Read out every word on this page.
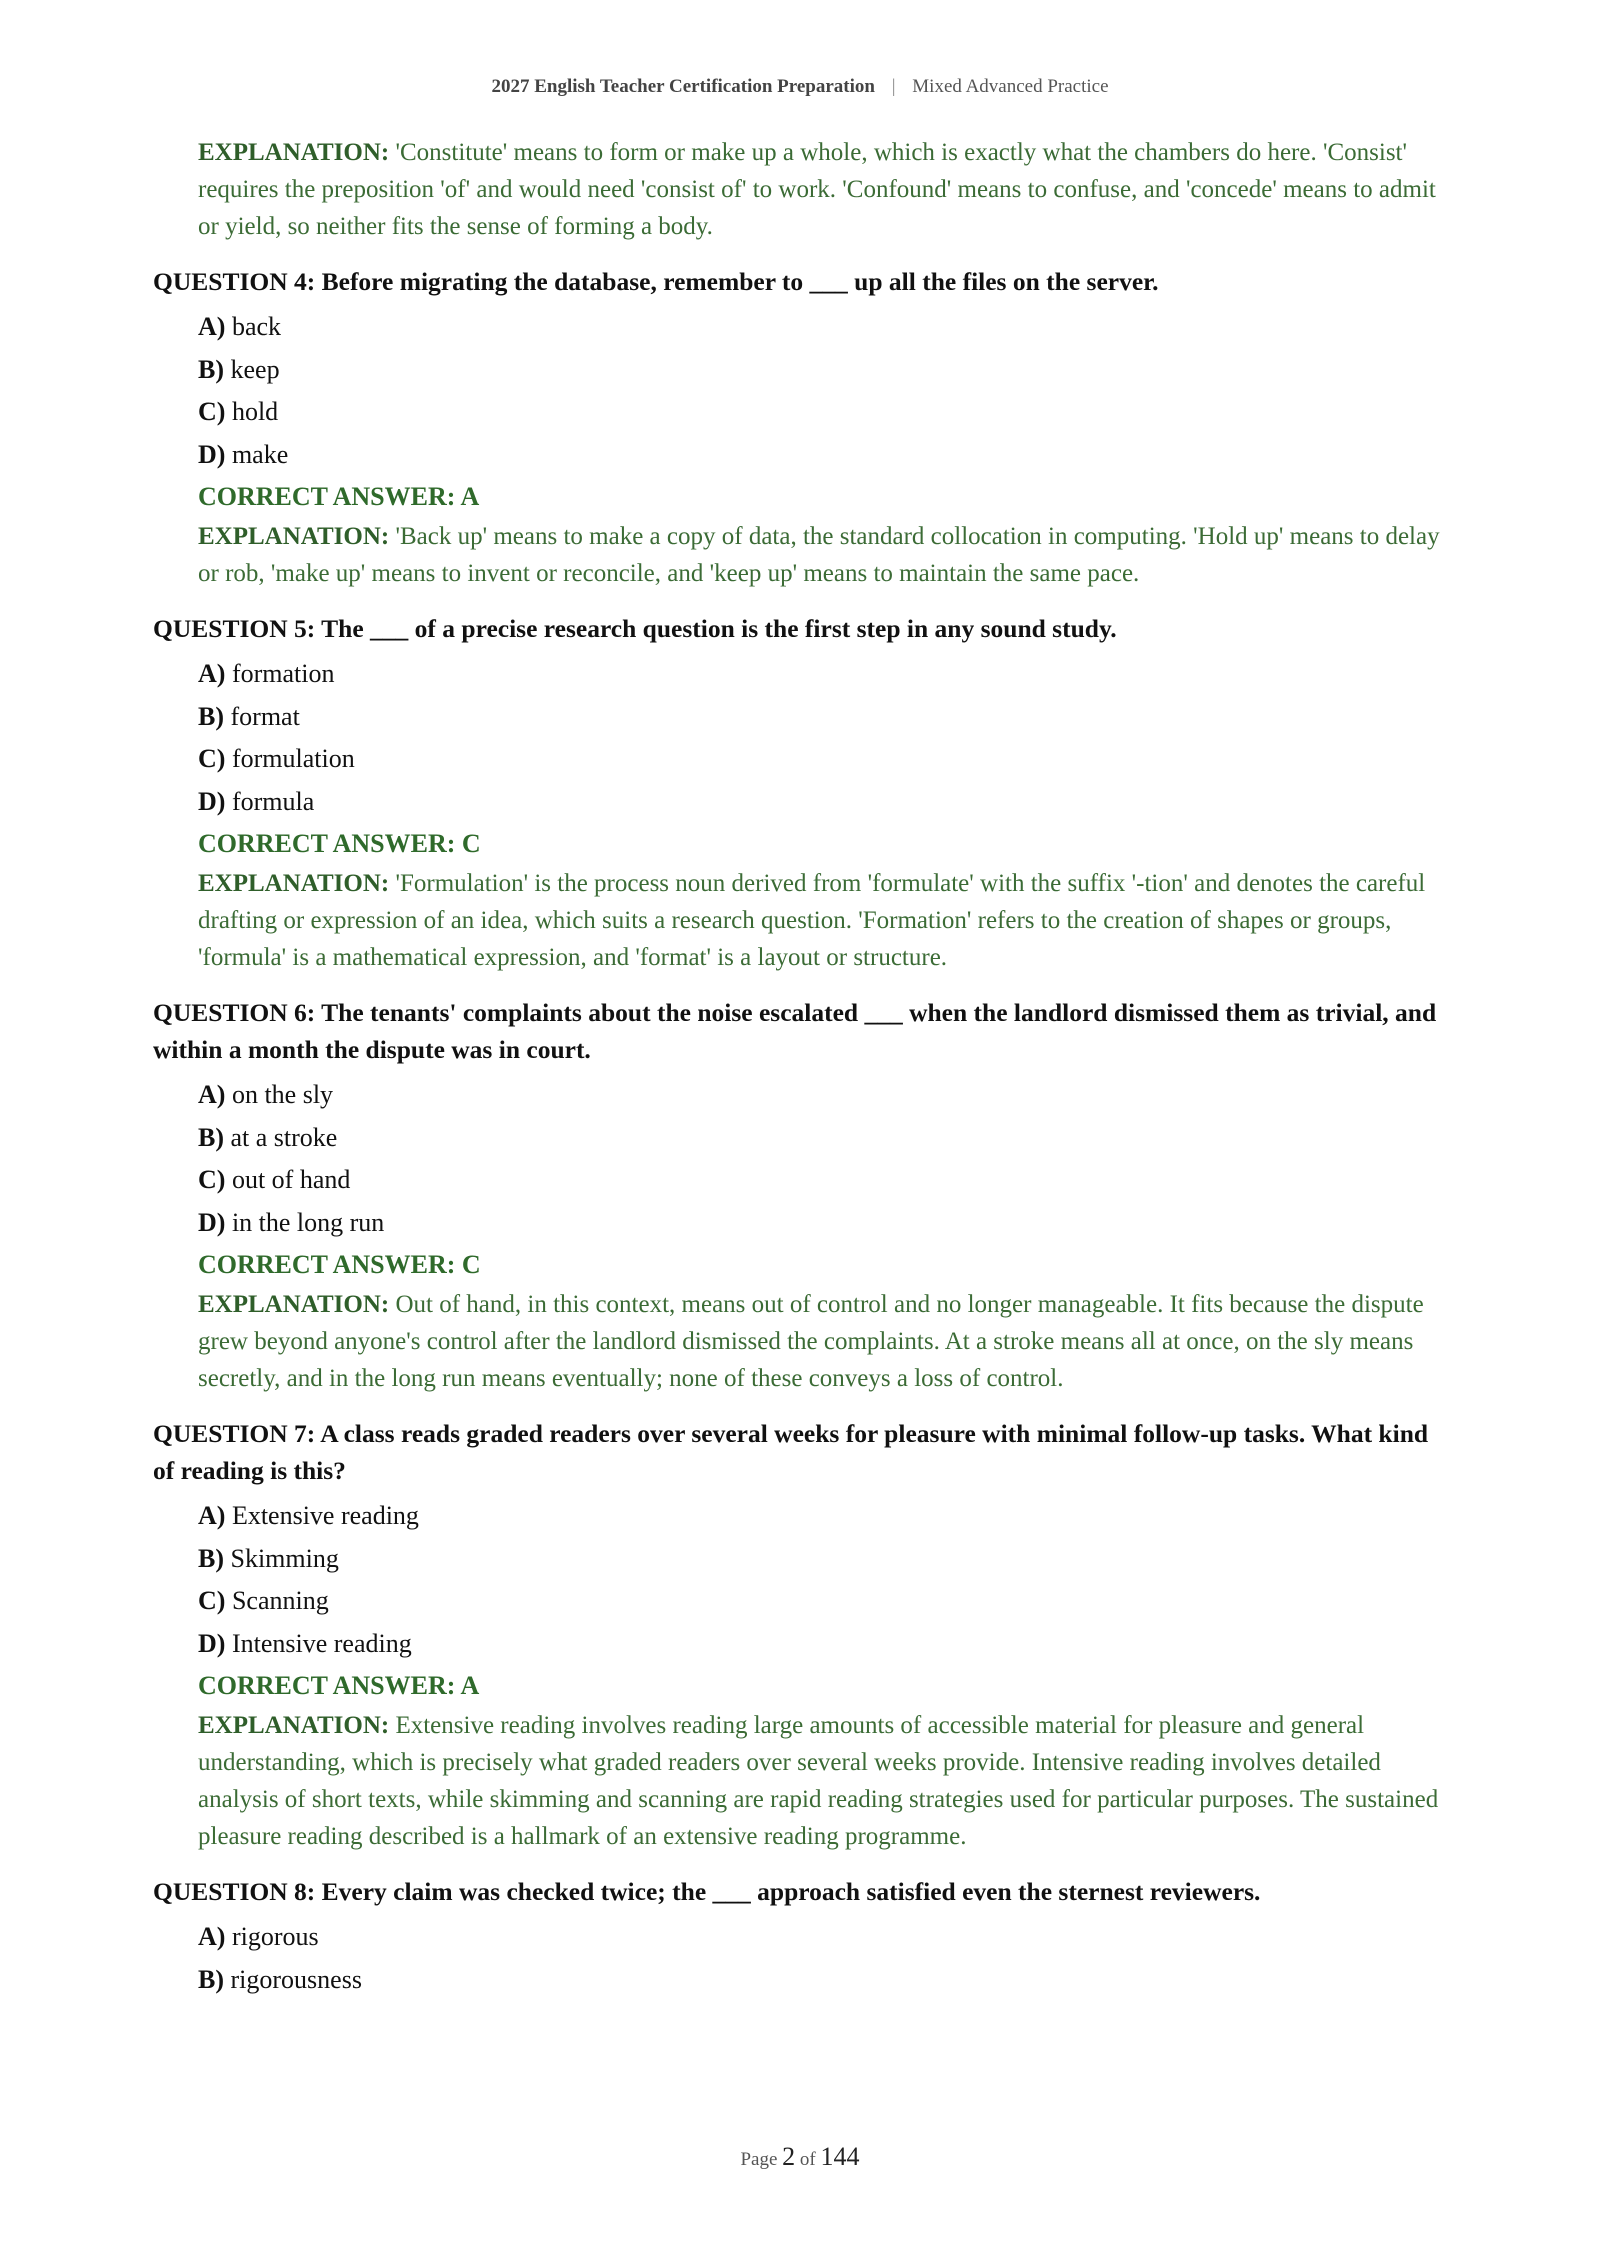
2027 English Teacher Certification Preparation | Mixed Advanced Practice
EXPLANATION: 'Constitute' means to form or make up a whole, which is exactly what the chambers do here. 'Consist' requires the preposition 'of' and would need 'consist of' to work. 'Confound' means to confuse, and 'concede' means to admit or yield, so neither fits the sense of forming a body.
QUESTION 4: Before migrating the database, remember to ___ up all the files on the server.
A) back
B) keep
C) hold
D) make
CORRECT ANSWER: A
EXPLANATION: 'Back up' means to make a copy of data, the standard collocation in computing. 'Hold up' means to delay or rob, 'make up' means to invent or reconcile, and 'keep up' means to maintain the same pace.
QUESTION 5: The ___ of a precise research question is the first step in any sound study.
A) formation
B) format
C) formulation
D) formula
CORRECT ANSWER: C
EXPLANATION: 'Formulation' is the process noun derived from 'formulate' with the suffix '-tion' and denotes the careful drafting or expression of an idea, which suits a research question. 'Formation' refers to the creation of shapes or groups, 'formula' is a mathematical expression, and 'format' is a layout or structure.
QUESTION 6: The tenants' complaints about the noise escalated ___ when the landlord dismissed them as trivial, and within a month the dispute was in court.
A) on the sly
B) at a stroke
C) out of hand
D) in the long run
CORRECT ANSWER: C
EXPLANATION: Out of hand, in this context, means out of control and no longer manageable. It fits because the dispute grew beyond anyone's control after the landlord dismissed the complaints. At a stroke means all at once, on the sly means secretly, and in the long run means eventually; none of these conveys a loss of control.
QUESTION 7: A class reads graded readers over several weeks for pleasure with minimal follow-up tasks. What kind of reading is this?
A) Extensive reading
B) Skimming
C) Scanning
D) Intensive reading
CORRECT ANSWER: A
EXPLANATION: Extensive reading involves reading large amounts of accessible material for pleasure and general understanding, which is precisely what graded readers over several weeks provide. Intensive reading involves detailed analysis of short texts, while skimming and scanning are rapid reading strategies used for particular purposes. The sustained pleasure reading described is a hallmark of an extensive reading programme.
QUESTION 8: Every claim was checked twice; the ___ approach satisfied even the sternest reviewers.
A) rigorous
B) rigorousness
Page 2 of 144
